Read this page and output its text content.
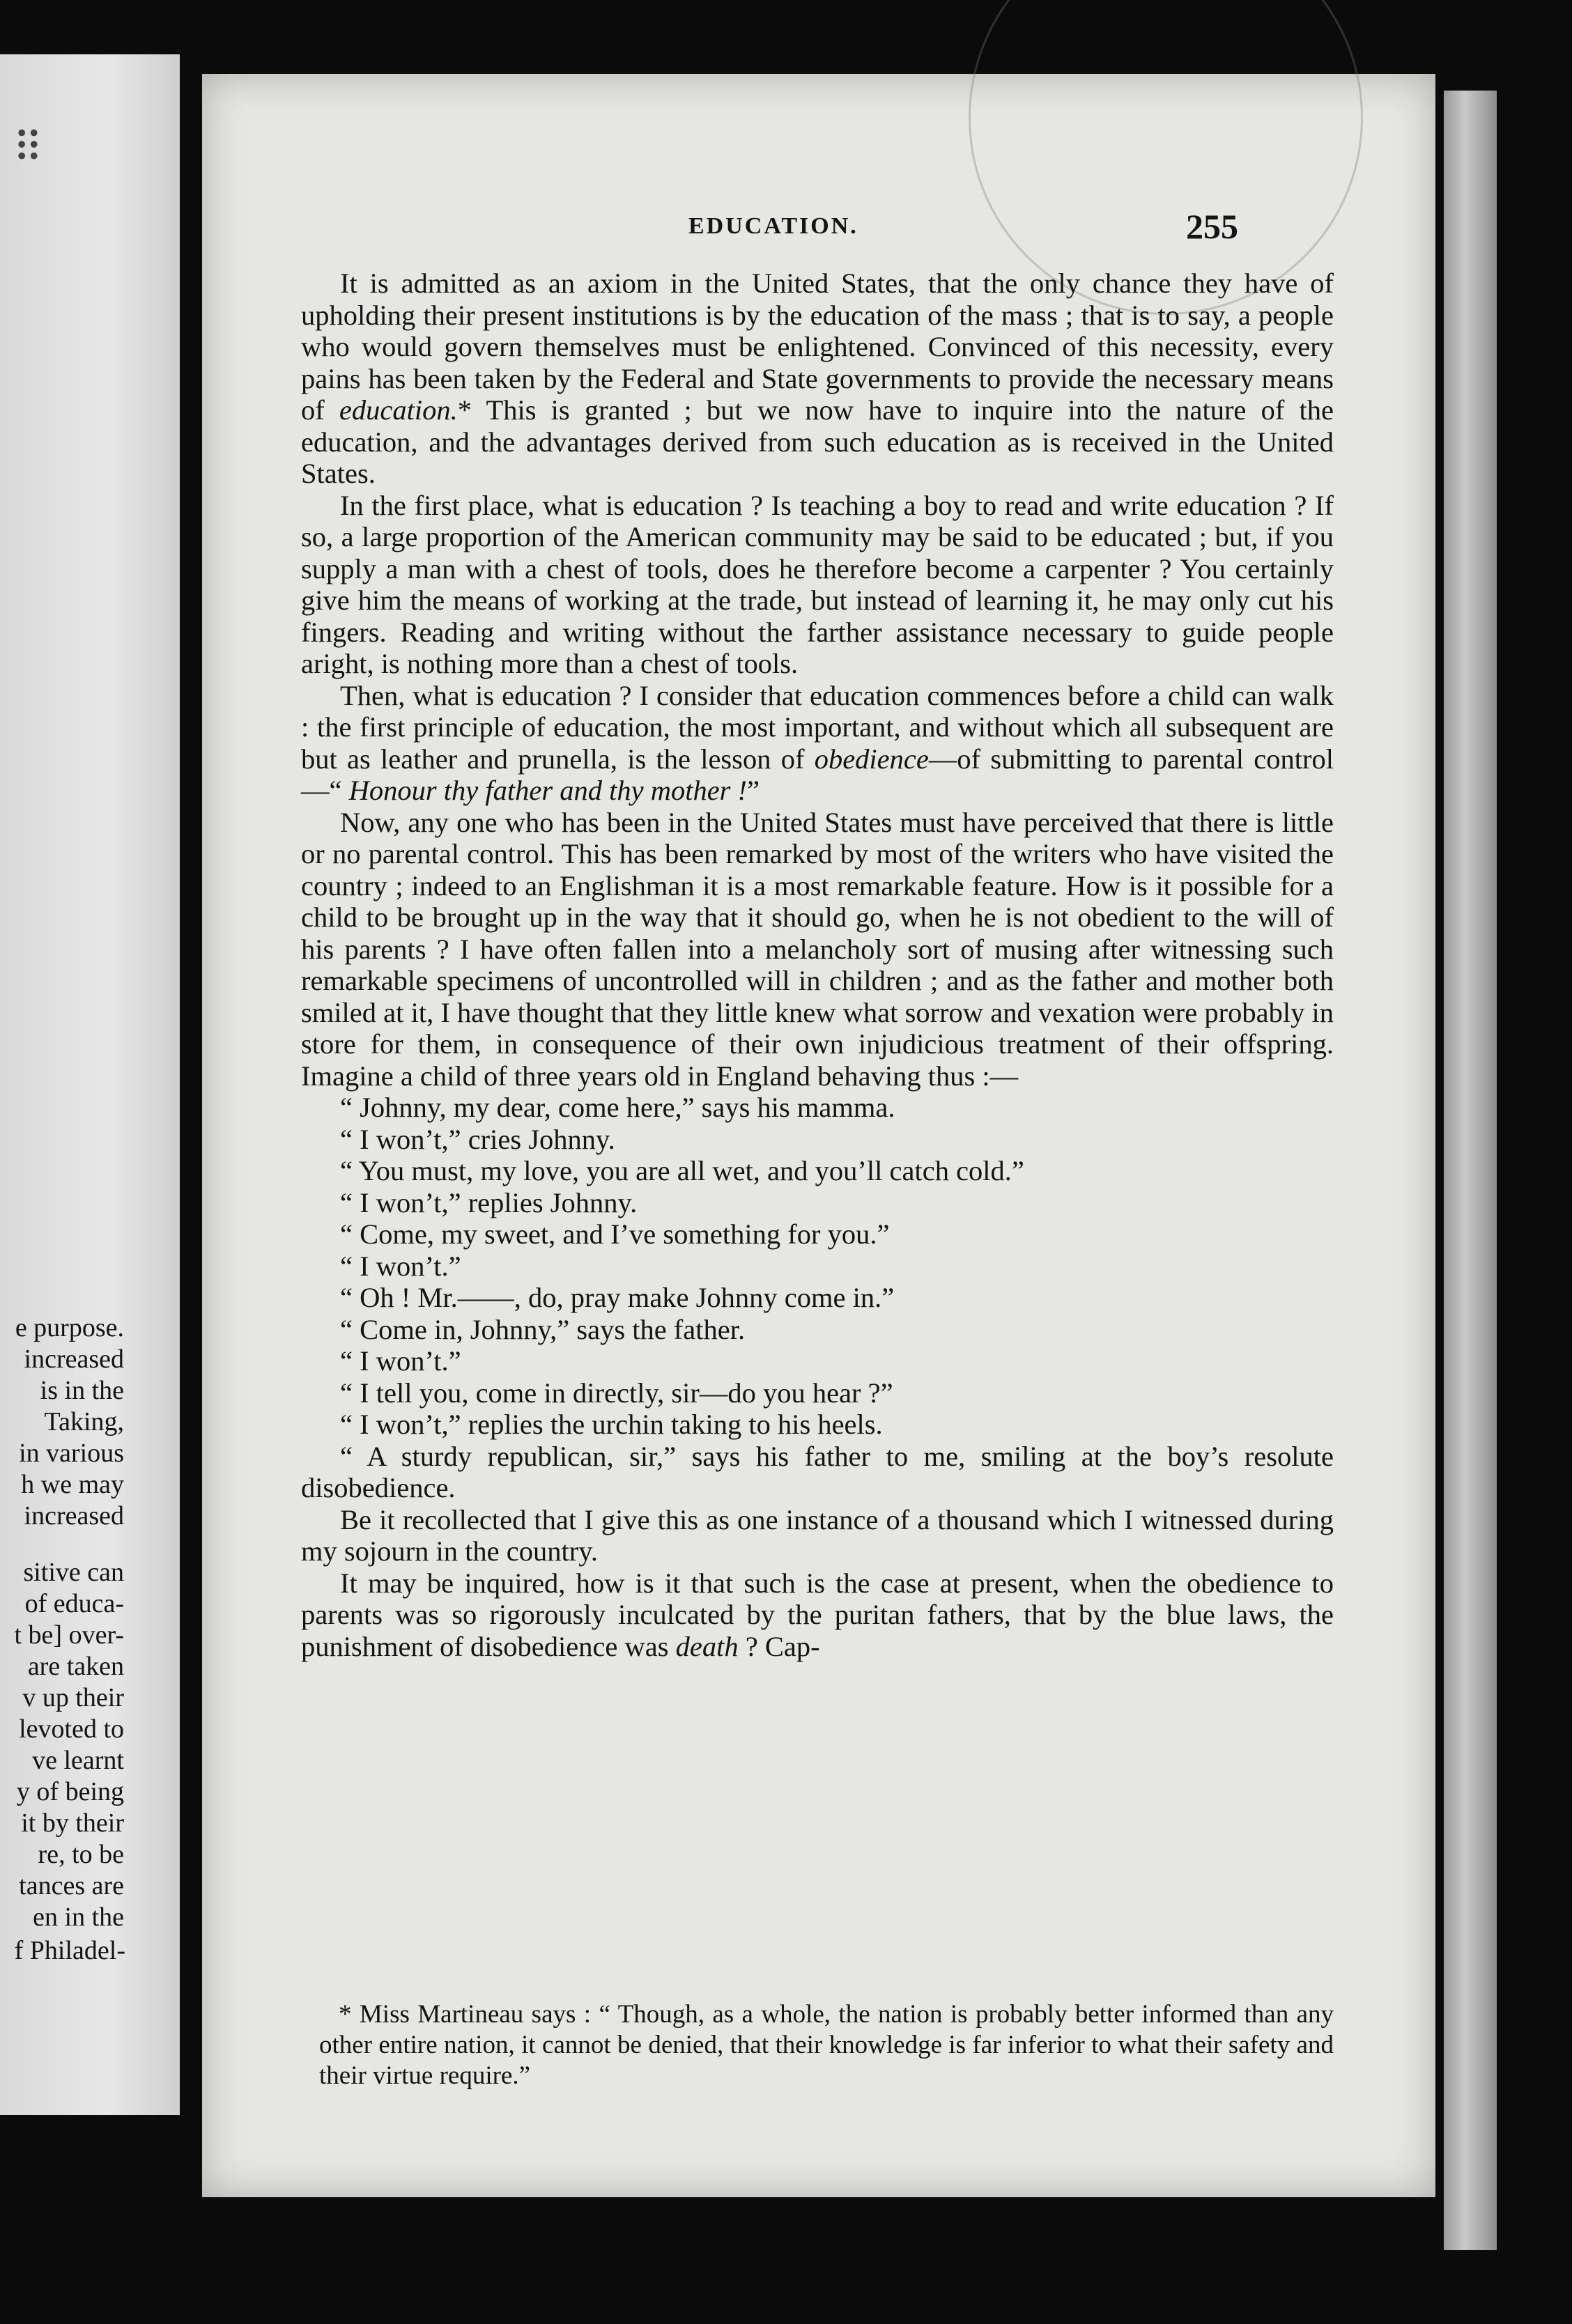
⠿
e purpose.
increased
is in the
Taking,
in various
h we may
increased
sitive can
of educa-
t be] over-
are taken
v up their
levoted to
ve learnt
y of being
it by their
re, to be
tances are
en in the
f Philadel-
EDUCATION.	255

It is admitted as an axiom in the United States, that the only chance they have of upholding their present institutions is by the education of the mass ; that is to say, a people who would govern themselves must be enlightened. Convinced of this necessity, every pains has been taken by the Federal and State governments to provide the necessary means of education.* This is granted ; but we now have to inquire into the nature of the education, and the advantages derived from such education as is received in the United States.

In the first place, what is education ? Is teaching a boy to read and write education ? If so, a large proportion of the American community may be said to be educated ; but, if you supply a man with a chest of tools, does he therefore become a carpenter ? You certainly give him the means of working at the trade, but instead of learning it, he may only cut his fingers. Reading and writing without the farther assistance necessary to guide people aright, is nothing more than a chest of tools.

Then, what is education ? I consider that education commences before a child can walk : the first principle of education, the most important, and without which all subsequent are but as leather and prunella, is the lesson of obedience—of submitting to parental control—“ Honour thy father and thy mother !”

Now, any one who has been in the United States must have perceived that there is little or no parental control. This has been remarked by most of the writers who have visited the country ; indeed to an Englishman it is a most remarkable feature. How is it possible for a child to be brought up in the way that it should go, when he is not obedient to the will of his parents ? I have often fallen into a melancholy sort of musing after witnessing such remarkable specimens of uncontrolled will in children ; and as the father and mother both smiled at it, I have thought that they little knew what sorrow and vexation were probably in store for them, in consequence of their own injudicious treatment of their offspring. Imagine a child of three years old in England behaving thus :—

“ Johnny, my dear, come here,” says his mamma.

“ I won’t,” cries Johnny.

“ You must, my love, you are all wet, and you’ll catch cold.”

“ I won’t,” replies Johnny.

“ Come, my sweet, and I’ve something for you.”

“ I won’t.”

“ Oh ! Mr.——, do, pray make Johnny come in.”

“ Come in, Johnny,” says the father.

“ I won’t.”

“ I tell you, come in directly, sir—do you hear ?”

“ I won’t,” replies the urchin taking to his heels.

“ A sturdy republican, sir,” says his father to me, smiling at the boy’s resolute disobedience.

Be it recollected that I give this as one instance of a thousand which I witnessed during my sojourn in the country.

It may be inquired, how is it that such is the case at present, when the obedience to parents was so rigorously inculcated by the puritan fathers, that by the blue laws, the punishment of disobedience was death ? Cap-

* Miss Martineau says : “ Though, as a whole, the nation is probably better informed than any other entire nation, it cannot be denied, that their knowledge is far inferior to what their safety and their virtue require.”
